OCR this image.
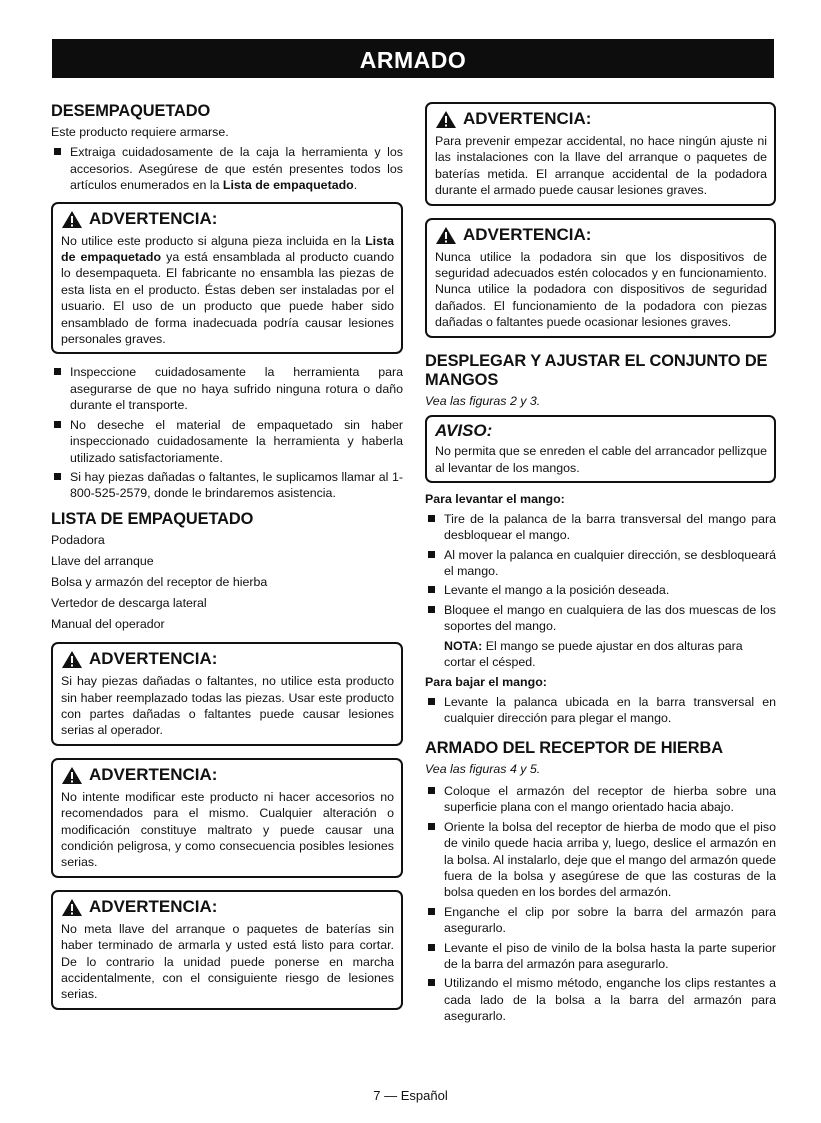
ARMADO
DESEMPAQUETADO

Este producto requiere armarse.

Extraiga cuidadosamente de la caja la herramienta y los accesorios. Asegúrese de que estén presentes todos los artículos enumerados en la Lista de empaquetado.
ADVERTENCIA:
No utilice este producto si alguna pieza incluida en la Lista de empaquetado ya está ensamblada al producto cuando lo desempaqueta. El fabricante no ensambla las piezas de esta lista en el producto. Éstas deben ser instaladas por el usuario. El uso de un producto que puede haber sido ensamblado de forma inadecuada podría causar lesiones personales graves.
Inspeccione cuidadosamente la herramienta para asegurarse de que no haya sufrido ninguna rotura o daño durante el transporte.
No deseche el material de empaquetado sin haber inspeccionado cuidadosamente la herramienta y haberla utilizado satisfactoriamente.
Si hay piezas dañadas o faltantes, le suplicamos llamar al 1-800-525-2579, donde le brindaremos asistencia.
LISTA DE EMPAQUETADO
Podadora
Llave del arranque
Bolsa y armazón del receptor de hierba
Vertedor de descarga lateral
Manual del operador
ADVERTENCIA:
Si hay piezas dañadas o faltantes, no utilice esta producto sin haber reemplazado todas las piezas. Usar este producto con partes dañadas o faltantes puede causar lesiones serias al operador.
ADVERTENCIA:
No intente modificar este producto ni hacer accesorios no recomendados para el mismo. Cualquier alteración o modificación constituye maltrato y puede causar una condición peligrosa, y como consecuencia posibles lesiones serias.
ADVERTENCIA:
No meta llave del arranque o paquetes de baterías sin haber terminado de armarla y usted está listo para cortar. De lo contrario la unidad puede ponerse en marcha accidentalmente, con el consiguiente riesgo de lesiones serias.
ADVERTENCIA:
Para prevenir empezar accidental, no hace ningún ajuste ni las instalaciones con la llave del arranque o paquetes de baterías metida. El arranque accidental de la podadora durante el armado puede causar lesiones graves.
ADVERTENCIA:
Nunca utilice la podadora sin que los dispositivos de seguridad adecuados estén colocados y en funcionamiento. Nunca utilice la podadora con dispositivos de seguridad dañados. El funcionamiento de la podadora con piezas dañadas o faltantes puede ocasionar lesiones graves.
DESPLEGAR Y AJUSTAR EL CONJUNTO DE MANGOS

Vea las figuras 2 y 3.

AVISO:
No permita que se enreden el cable del arrancador pellizque al levantar de los mangos.

Para levantar el mango:

Tire de la palanca de la barra transversal del mango para desbloquear el mango.
Al mover la palanca en cualquier dirección, se desbloqueará el mango.
Levante el mango a la posición deseada.
Bloquee el mango en cualquiera de las dos muescas de los soportes del mango.
NOTA: El mango se puede ajustar en dos alturas para cortar el césped.

Para bajar el mango:

Levante la palanca ubicada en la barra transversal en cualquier dirección para plegar el mango.
ARMADO DEL RECEPTOR DE HIERBA

Vea las figuras 4 y 5.

Coloque el armazón del receptor de hierba sobre una superficie plana con el mango orientado hacia abajo.
Oriente la bolsa del receptor de hierba de modo que el piso de vinilo quede hacia arriba y, luego, deslice el armazón en la bolsa. Al instalarlo, deje que el mango del armazón quede fuera de la bolsa y asegúrese de que las costuras de la bolsa queden en los bordes del armazón.
Enganche el clip por sobre la barra del armazón para asegurarlo.
Levante el piso de vinilo de la bolsa hasta la parte superior de la barra del armazón para asegurarlo.
Utilizando el mismo método, enganche los clips restantes a cada lado de la bolsa a la barra del armazón para asegurarlo.
7 — Español
